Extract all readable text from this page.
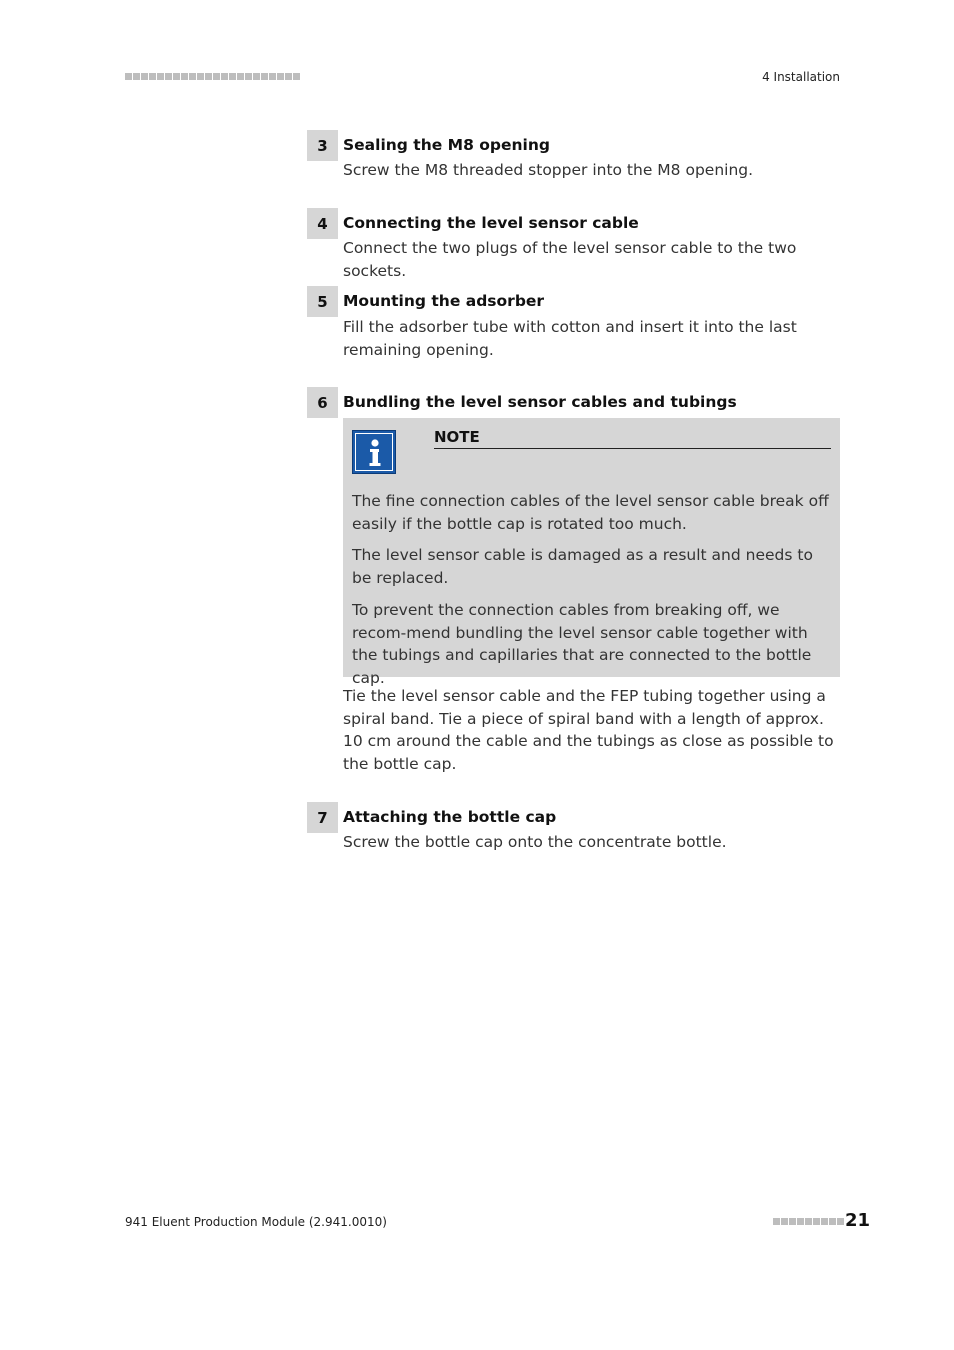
4 Installation
3 Sealing the M8 opening
Screw the M8 threaded stopper into the M8 opening.
4 Connecting the level sensor cable
Connect the two plugs of the level sensor cable to the two sockets.
5 Mounting the adsorber
Fill the adsorber tube with cotton and insert it into the last remaining opening.
6 Bundling the level sensor cables and tubings
NOTE
The fine connection cables of the level sensor cable break off easily if the bottle cap is rotated too much.
The level sensor cable is damaged as a result and needs to be replaced.
To prevent the connection cables from breaking off, we recom-mend bundling the level sensor cable together with the tubings and capillaries that are connected to the bottle cap.
Tie the level sensor cable and the FEP tubing together using a spiral band. Tie a piece of spiral band with a length of approx. 10 cm around the cable and the tubings as close as possible to the bottle cap.
7 Attaching the bottle cap
Screw the bottle cap onto the concentrate bottle.
941 Eluent Production Module (2.941.0010)	21
